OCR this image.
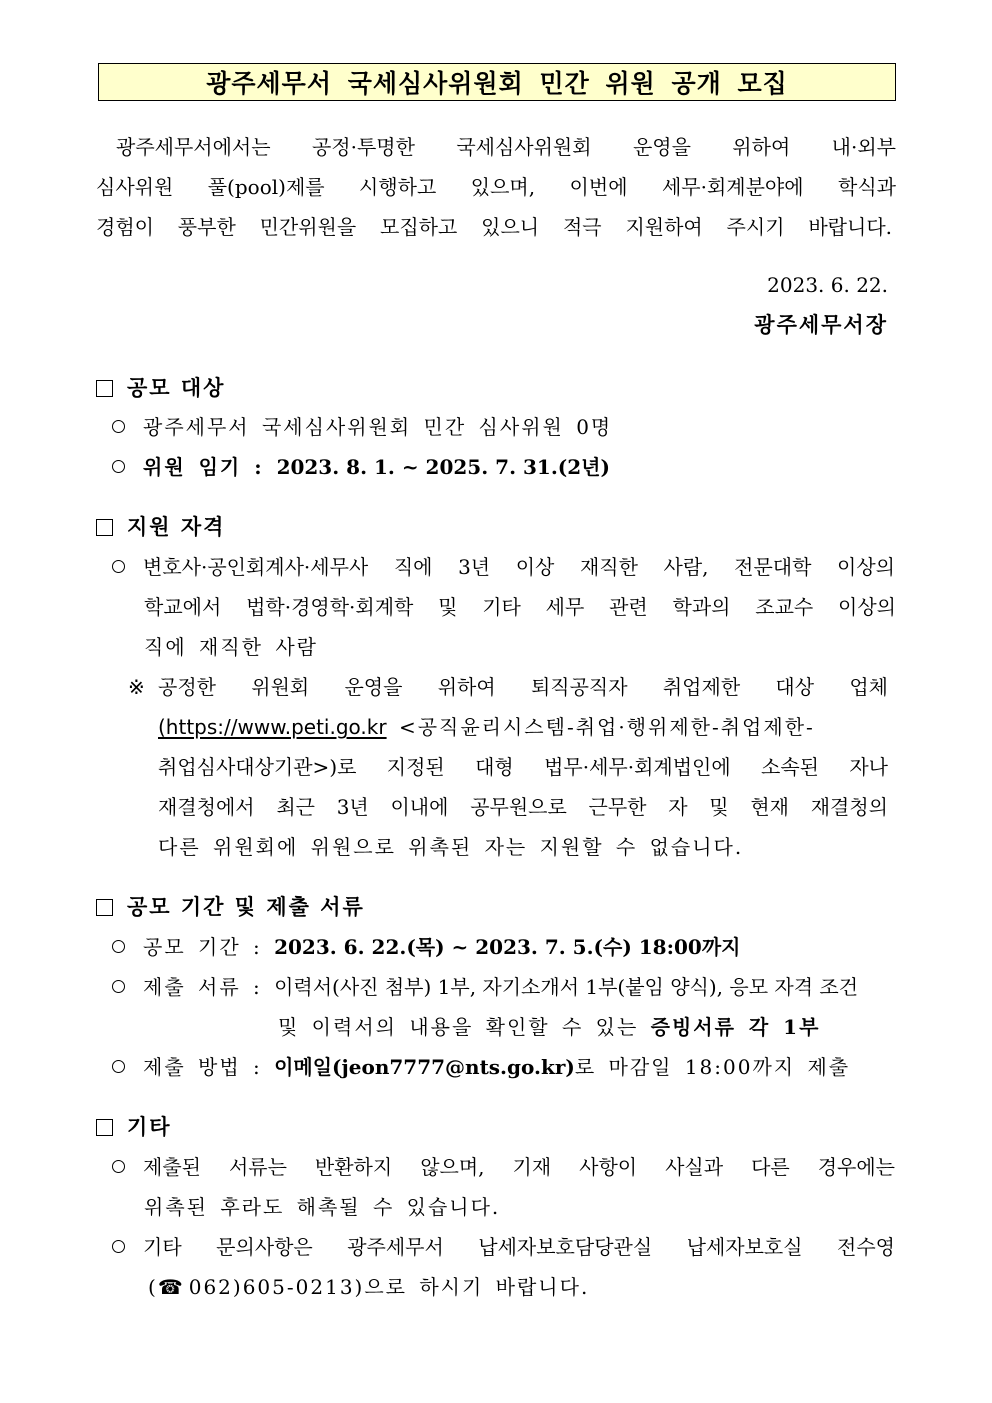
광주세무서 국세심사위원회 민간 위원 공개 모집
광주세무서에서는 공정·투명한 국세심사위원회 운영을 위하여 내·외부
심사위원 풀(pool)제를 시행하고 있으며, 이번에 세무·회계분야에 학식과
경험이 풍부한 민간위원을 모집하고 있으니 적극 지원하여 주시기 바랍니다.
2023. 6. 22.
광주세무서장
공모 대상
광주세무서 국세심사위원회 민간 심사위원 0명
위원 임기 : 2023. 8. 1. ~ 2025. 7. 31.(2년)
지원 자격
변호사·공인회계사·세무사 직에 3년 이상 재직한 사람, 전문대학 이상의
학교에서 법학·경영학·회계학 및 기타 세무 관련 학과의 조교수 이상의
직에 재직한 사람
※ 공정한 위원회 운영을 위하여 퇴직공직자 취업제한 대상 업체
(https://www.peti.go.kr <공직윤리시스템-취업·행위제한-취업제한-
취업심사대상기관>)로 지정된 대형 법무·세무·회계법인에 소속된 자나
재결청에서 최근 3년 이내에 공무원으로 근무한 자 및 현재 재결청의
다른 위원회에 위원으로 위촉된 자는 지원할 수 없습니다.
공모 기간 및 제출 서류
공모 기간 : 2023. 6. 22.(목) ~ 2023. 7. 5.(수) 18:00까지
제출 서류 : 이력서(사진 첨부) 1부, 자기소개서 1부(붙임 양식), 응모 자격 조건
및 이력서의 내용을 확인할 수 있는 증빙서류 각 1부
제출 방법 : 이메일(jeon7777@nts.go.kr)로 마감일 18:00까지 제출
기타
제출된 서류는 반환하지 않으며, 기재 사항이 사실과 다른 경우에는
위촉된 후라도 해촉될 수 있습니다.
기타 문의사항은 광주세무서 납세자보호담당관실 납세자보호실 전수영
( ☎ 062)605-0213)으로 하시기 바랍니다.
